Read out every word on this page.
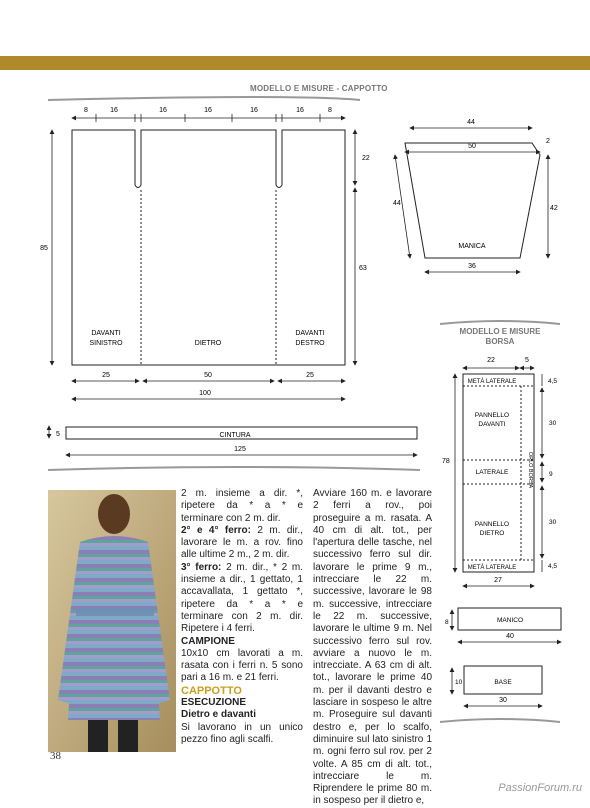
MODELLO E MISURE - CAPPOTTO
8	16	16	16	16	16	8
85
22
63
DAVANTI
SINISTRO	DIETRO
DAVANTI
DESTRO
25	50	25
100
5	CINTURA
125
44
50
2
44
42
MANICA
36
MODELLO E MISURE
BORSA
22	5
METÀ LATERALE
PANNELLO
DAVANTI
LATERALE
PANNELLO
DIETRO
METÀ LATERALE
ORLO BORSA
78
4,5
30
9
30
4,5
27
8	MANICO
40
10	BASE
30

2 m. insieme a dir. *, ripetere da * a * e terminare con 2 m. dir.

2° e 4° ferro: 2 m. dir., lavorare le m. a rov. fino alle ultime 2 m., 2 m. dir.

3° ferro: 2 m. dir., * 2 m. insieme a dir., 1 gettato, 1 accavallata, 1 gettato *, ripetere da * a * e terminare con 2 m. dir. Ripetere i 4 ferri.

CAMPIONE

10x10 cm lavorati a m. rasata con i ferri n. 5 sono pari a 16 m. e 21 ferri.

CAPPOTTO

ESECUZIONE

Dietro e davanti

Si lavorano in un unico pezzo fino agli scalfi.

Avviare 160 m. e lavorare 2 ferri a rov., poi proseguire a m. rasata. A 40 cm di alt. tot., per l'apertura delle tasche, nel successivo ferro sul dir. lavorare le prime 9 m., intrecciare le 22 m. successive, lavorare le 98 m. successive, intrecciare le 22 m. successive, lavorare le ultime 9 m. Nel successivo ferro sul rov. avviare a nuovo le m. intrecciate. A 63 cm di alt. tot., lavorare le prime 40 m. per il davanti destro e lasciare in sospeso le altre m. Proseguire sul davanti destro e, per lo scalfo, diminuire sul lato sinistro 1 m. ogni ferro sul rov. per 2 volte. A 85 cm di alt. tot., intrecciare le m. Riprendere le prime 80 m. in sospeso per il dietro e,

38
PassionForum.ru
